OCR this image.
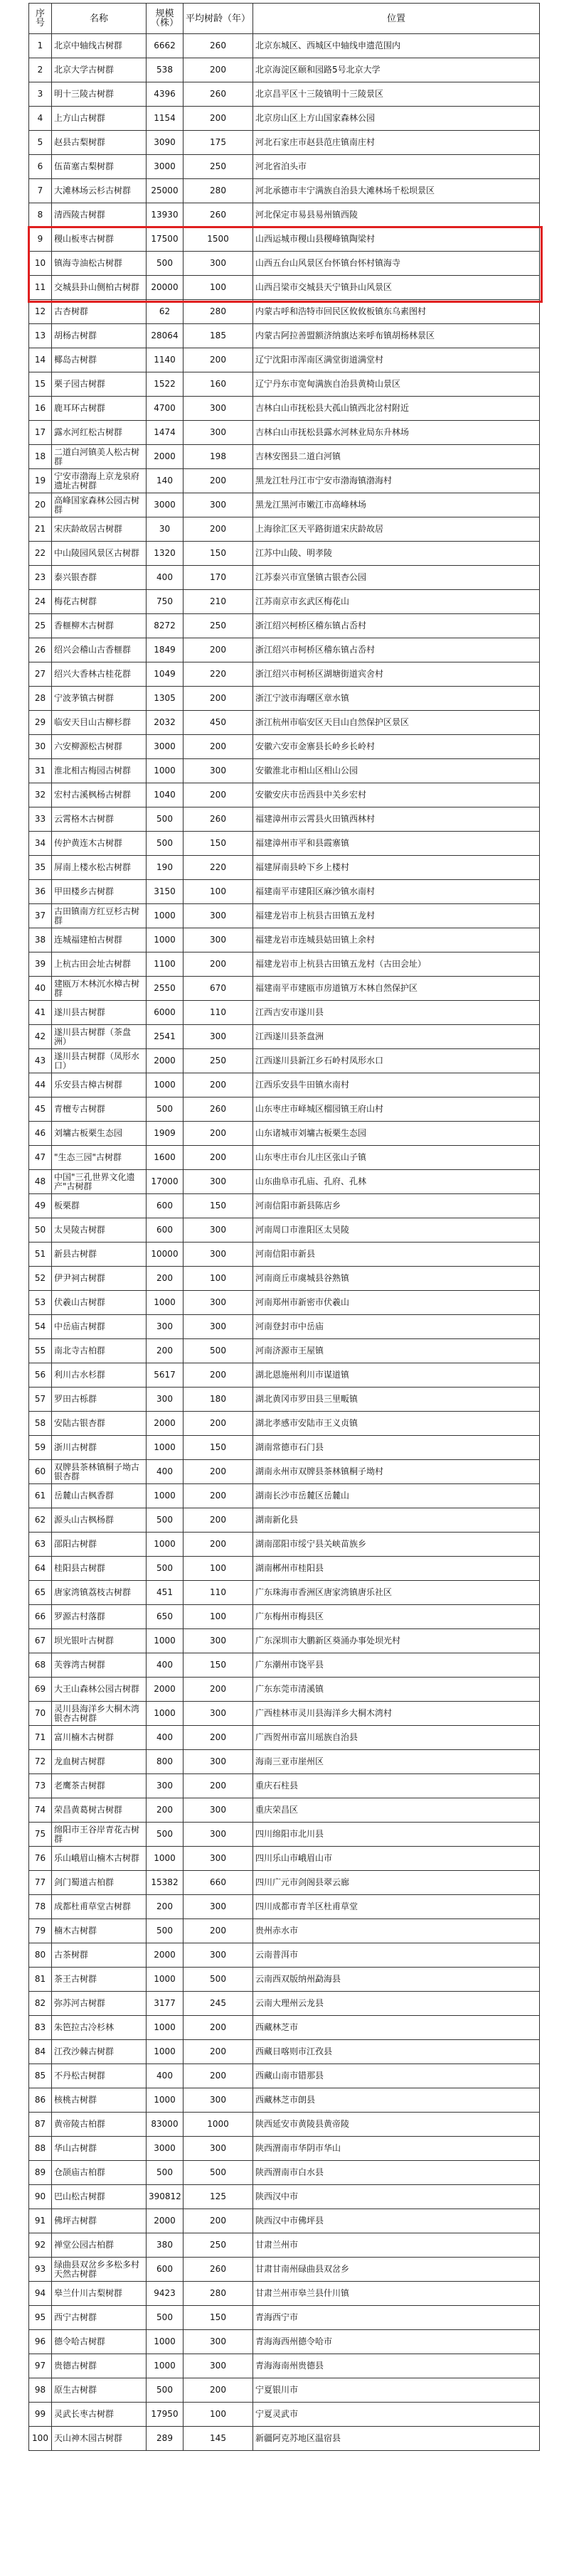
序号	名称	规模（株）	平均树龄（年）	位置
1	北京中轴线古树群	6662	260	北京东城区、西城区中轴线申遗范围内
2	北京大学古树群	538	200	北京海淀区颐和园路5号北京大学
3	明十三陵古树群	4396	260	北京昌平区十三陵镇明十三陵景区
4	上方山古树群	1154	200	北京房山区上方山国家森林公园
5	赵县古梨树群	3090	175	河北石家庄市赵县范庄镇南庄村
6	伍苗塞古梨树群	3000	250	河北省泊头市
7	大滩林场云杉古树群	25000	280	河北承德市丰宁满族自治县大滩林场千松坝景区
8	清西陵古树群	13930	260	河北保定市易县易州镇西陵
9	稷山板枣古树群	17500	1500	山西运城市稷山县稷峰镇陶梁村
10	镇海寺油松古树群	500	300	山西五台山风景区台怀镇台怀村镇海寺
11	交城县卦山侧柏古树群	20000	100	山西吕梁市交城县天宁镇卦山风景区
12	古杏树群	62	280	内蒙古呼和浩特市回民区攸攸板镇东乌素图村
13	胡杨古树群	28064	185	内蒙古阿拉善盟额济纳旗达来呼布镇胡杨林景区
14	椰岛古树群	1140	200	辽宁沈阳市浑南区满堂街道满堂村
15	栗子园古树群	1522	160	辽宁丹东市宽甸满族自治县黄椅山景区
16	鹿耳环古树群	4700	300	吉林白山市抚松县大孤山镇西北岔村附近
17	露水河红松古树群	1474	300	吉林白山市抚松县露水河林业局东升林场
18	二道白河镇美人松古树群	2000	198	吉林安图县二道白河镇
19	宁安市渤海上京龙泉府遗址古树群	140	200	黑龙江牡丹江市宁安市渤海镇渤海村
20	高峰国家森林公园古树群	3000	300	黑龙江黑河市嫩江市高峰林场
21	宋庆龄故居古树群	30	200	上海徐汇区天平路街道宋庆龄故居
22	中山陵园风景区古树群	1320	150	江苏中山陵、明孝陵
23	泰兴银杏群	400	170	江苏泰兴市宣堡镇古银杏公园
24	梅花古树群	750	210	江苏南京市玄武区梅花山
25	香榧柳木古树群	8272	250	浙江绍兴柯桥区稽东镇占岙村
26	绍兴会稽山古香榧群	1849	200	浙江绍兴市柯桥区稽东镇占岙村
27	绍兴大香林古桂花群	1049	220	浙江绍兴市柯桥区湖塘街道宾舍村
28	宁波茅镇古树群	1305	200	浙江宁波市海曙区章水镇
29	临安天目山古柳杉群	2032	450	浙江杭州市临安区天目山自然保护区景区
30	六安柳源松古树群	3000	200	安徽六安市金寨县长岭乡长岭村
31	淮北相古梅园古树群	1000	300	安徽淮北市相山区相山公园
32	宏村古溪枫杨古树群	1040	200	安徽安庆市岳西县中关乡宏村
33	云霄格木古树群	500	260	福建漳州市云霄县火田镇西林村
34	传护黄连木古树群	500	150	福建漳州市平和县霞寨镇
35	屏南上楼水松古树群	190	220	福建屏南县岭下乡上楼村
36	甲田楼乡古树群	3150	100	福建南平市建阳区麻沙镇水南村
37	古田镇南方红豆杉古树群	1000	300	福建龙岩市上杭县古田镇五龙村
38	连城福建柏古树群	1000	300	福建龙岩市连城县姑田镇上余村
39	上杭古田会址古树群	1100	200	福建龙岩市上杭县古田镇五龙村（古田会址）
40	建瓯万木林沉水樟古树群	2550	670	福建南平市建瓯市房道镇万木林自然保护区
41	遂川县古树群	6000	110	江西吉安市遂川县
42	遂川县古树群（茶盘洲）	2541	300	江西遂川县茶盘洲
43	遂川县古树群（凤形水口）	2000	250	江西遂川县新江乡石岭村凤形水口
44	乐安县古樟古树群	1000	200	江西乐安县牛田镇水南村
45	青檀专古树群	500	260	山东枣庄市峄城区榴园镇王府山村
46	刘墉古板栗生态园	1909	200	山东诸城市刘墉古板栗生态园
47	"生态三园"古树群	1600	200	山东枣庄市台儿庄区张山子镇
48	中国"三孔世界文化遗产"古树群	17000	300	山东曲阜市孔庙、孔府、孔林
49	板栗群	600	150	河南信阳市新县陈店乡
50	太昊陵古树群	600	300	河南周口市淮阳区太昊陵
51	新县古树群	10000	300	河南信阳市新县
52	伊尹祠古树群	200	100	河南商丘市虞城县谷熟镇
53	伏羲山古树群	1000	300	河南郑州市新密市伏羲山
54	中岳庙古树群	300	300	河南登封市中岳庙
55	南北寺古柏群	200	500	河南济源市王屋镇
56	利川古水杉群	5617	200	湖北恩施州利川市谋道镇
57	罗田古栎群	300	180	湖北黄冈市罗田县三里畈镇
58	安陆古银杏群	2000	200	湖北孝感市安陆市王义贞镇
59	浙川古树群	1000	150	湖南常德市石门县
60	双牌县茶林镇桐子坳古银杏群	400	200	湖南永州市双牌县茶林镇桐子坳村
61	岳麓山古枫香群	1000	200	湖南长沙市岳麓区岳麓山
62	源头山古枫杨群	500	200	湖南新化县
63	邵阳古树群	1000	200	湖南邵阳市绥宁县关峡苗族乡
64	桂阳县古树群	500	100	湖南郴州市桂阳县
65	唐家湾镇荔枝古树群	451	110	广东珠海市香洲区唐家湾镇唐乐社区
66	罗源古村落群	650	100	广东梅州市梅县区
67	坝光银叶古树群	1000	300	广东深圳市大鹏新区葵涌办事处坝光村
68	芙蓉湾古树群	400	150	广东潮州市饶平县
69	大王山森林公园古树群	2000	200	广东东莞市清溪镇
70	灵川县海洋乡大桐木湾银杏古树群	1000	300	广西桂林市灵川县海洋乡大桐木湾村
71	富川楠木古树群	400	200	广西贺州市富川瑶族自治县
72	龙血树古树群	800	300	海南三亚市崖州区
73	老鹰茶古树群	300	200	重庆石柱县
74	荣昌黄葛树古树群	200	300	重庆荣昌区
75	绵阳市王谷岸青花古树群	500	300	四川绵阳市北川县
76	乐山峨眉山楠木古树群	1000	300	四川乐山市峨眉山市
77	剑门蜀道古柏群	15382	660	四川广元市剑阁县翠云廊
78	成都杜甫草堂古树群	200	300	四川成都市青羊区杜甫草堂
79	楠木古树群	500	200	贵州赤水市
80	古茶树群	2000	300	云南普洱市
81	茶王古树群	1000	500	云南西双版纳州勐海县
82	弥苏河古树群	3177	245	云南大理州云龙县
83	朱笆拉古冷杉林	1000	200	西藏林芝市
84	江孜沙棘古树群	1000	200	西藏日喀则市江孜县
85	不丹松古树群	400	200	西藏山南市错那县
86	核桃古树群	1000	300	西藏林芝市朗县
87	黄帝陵古柏群	83000	1000	陕西延安市黄陵县黄帝陵
88	华山古树群	3000	300	陕西渭南市华阴市华山
89	仓颉庙古柏群	500	500	陕西渭南市白水县
90	巴山松古树群	390812	125	陕西汉中市
91	佛坪古树群	2000	200	陕西汉中市佛坪县
92	禅堂公园古柏群	380	250	甘肃兰州市
93	绿曲县双岔乡多松多村天然古树群	600	260	甘肃甘南州碌曲县双岔乡
94	皋兰什川古梨树群	9423	280	甘肃兰州市皋兰县什川镇
95	西宁古树群	500	150	青海西宁市
96	德令哈古树群	1000	300	青海海西州德令哈市
97	贵德古树群	1000	300	青海海南州贵德县
98	原生古树群	500	200	宁夏银川市
99	灵武长枣古树群	17950	100	宁夏灵武市
100	天山神木园古树群	289	145	新疆阿克苏地区温宿县
